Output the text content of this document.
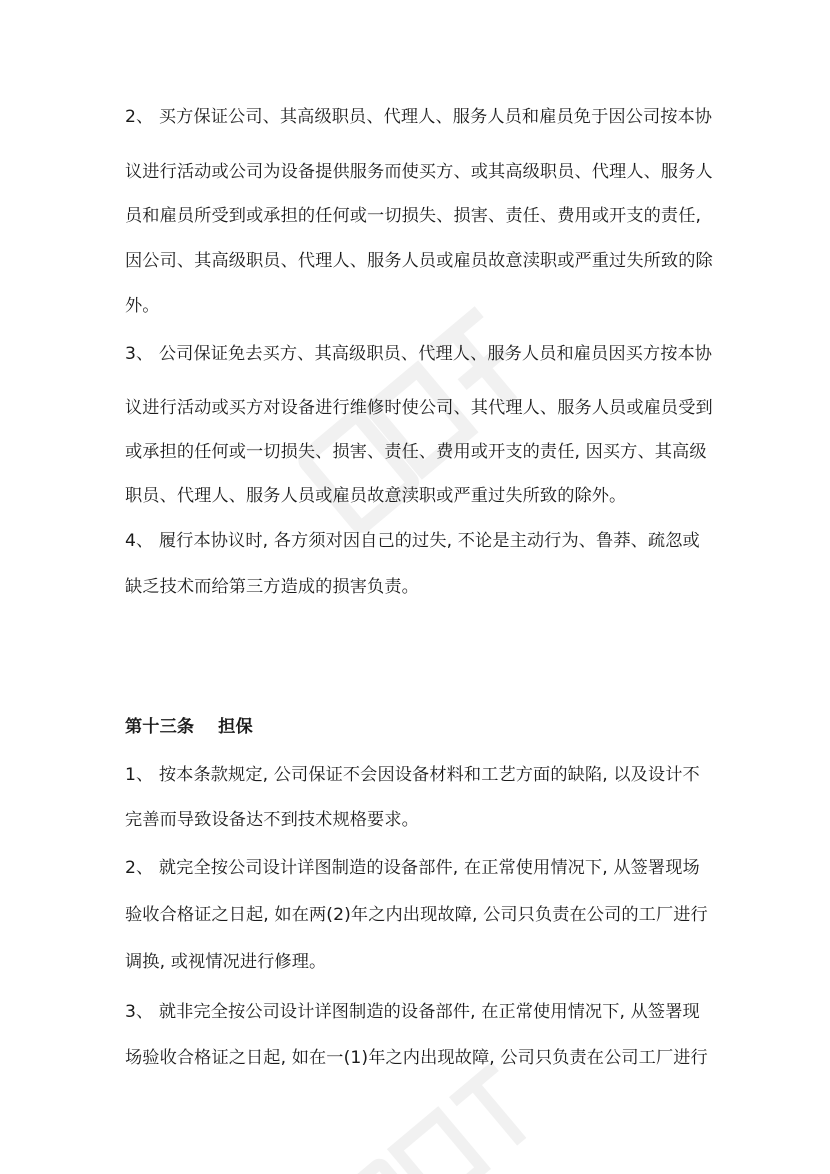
2、 买方保证公司、其高级职员、代理人、服务人员和雇员免于因公司按本协

议进行活动或公司为设备提供服务而使买方、或其高级职员、代理人、服务人

员和雇员所受到或承担的任何或一切损失、损害、责任、费用或开支的责任,

因公司、其高级职员、代理人、服务人员或雇员故意渎职或严重过失所致的除

外。

3、 公司保证免去买方、其高级职员、代理人、服务人员和雇员因买方按本协

议进行活动或买方对设备进行维修时使公司、其代理人、服务人员或雇员受到

或承担的任何或一切损失、损害、责任、费用或开支的责任, 因买方、其高级

职员、代理人、服务人员或雇员故意渎职或严重过失所致的除外。

4、 履行本协议时, 各方须对因自己的过失, 不论是主动行为、鲁莽、疏忽或

缺乏技术而给第三方造成的损害负责。

第十三条 担保

1、 按本条款规定, 公司保证不会因设备材料和工艺方面的缺陷, 以及设计不

完善而导致设备达不到技术规格要求。

2、 就完全按公司设计详图制造的设备部件, 在正常使用情况下, 从签署现场

验收合格证之日起, 如在两(2)年之内出现故障, 公司只负责在公司的工厂进行

调换, 或视情况进行修理。

3、 就非完全按公司设计详图制造的设备部件, 在正常使用情况下, 从签署现

场验收合格证之日起, 如在一(1)年之内出现故障, 公司只负责在公司工厂进行
